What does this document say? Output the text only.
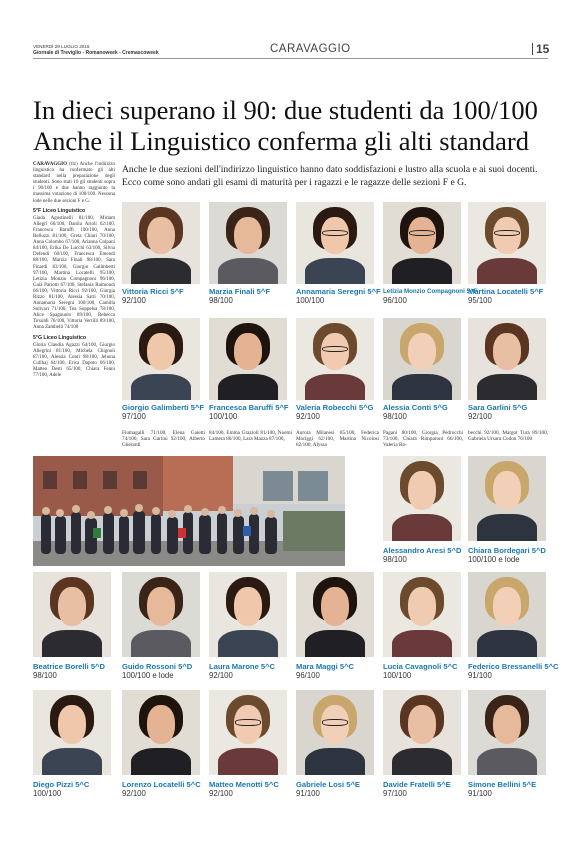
VENERDÌ 29 LUGLIO 2016
Giornale di Treviglio - Romanoweek - Cremascoweek	CARAVAGGIO	15
In dieci superano il 90: due studenti da 100/100
Anche il Linguistico conferma gli alti standard

CARAVAGGIO (tlz) Anche l'indirizzo linguistico ha confermato gli alti standard nella preparazione degli studenti. Sono stati 10 gli studenti sopra i 90/100 e due hanno raggiunto la massima votazione di 100/100. Nessuna lode nelle due sezioni F e G.

5°F Liceo Linguistico

Giada Agostinelli 81/100, Miriam Allegri 66/100, Danila Arioli 62/100, Francesca Baruffi 100/100, Anna Belluzzi 81/100, Greta Chiari 70/100, Anna Colombo 67/100, Arianna Colpani 84/100, Erika De Lucchi 63/100, Silvia Defendi 60/100, Francesca Emendi 88/100, Marzia Finali 98/100, Sara Finardi 83/100, Giorgio Galimberti 97/100, Martina Locatelli 95/100, Letizia Monzio Compagnoni 96/100, Gaia Pariotti 67/100, Stefania Raimondi 66/100, Vittoria Ricci 92/100, Giorgia Rizzo 81/100, Alessia Sarti 70/100, Annamaria Seregni 100/100, Camilla Solivari 71/100, Tea Soppelsa 78/100, Alice Spagnuolo 89/100, Rebecca Tirsoldi 76/100, Vittoria Verrilli 89/100, Anna Zambelli 74/100

5°G Liceo Linguistico

Gloria Claudia Agazzi 64/100, Giorgio Allegrini 81/100, Michela Chignoli 87/100, Alessia Conti 98/100, Jehona Cullhaj 64/100, Erica Dapoto 66/100, Matteo Desti 65/100, Chiara Fenni 77/100, Adele

Anche le due sezioni dell'indirizzo linguistico hanno dato soddisfazioni e lustro alla scuola e ai suoi docenti. Ecco come sono andati gli esami di maturità per i ragazzi e le ragazze delle sezioni F e G.
Fiumagalli 71/100, Elena Gaietti 74/100, Sara Garlini 92/100, Alberto Gherardi
84/100, Emma Grazioli 81/100, Noemi Lamera 80/100, Lara Mazza 87/100,
Aurora Milanesi 85/100, Federica Moriggi 62/100, Martina Nicolosi 82/100, Alyssa
Pagani 80/100, Giorgia Pedrocchi 73/100, Chiara Rimparoni 66/100, Valeria Ro-
becchi 92/100, Margot Tura 89/100, Gabriela Ursaru Codon 76/100
Vittoria Ricci 5^F
92/100
Marzia Finali 5^F
98/100
Annamaria Seregni 5^F
100/100
Letizia Monzio Compagnoni 5^F
96/100
Martina Locatelli 5^F
95/100
Giorgio Galimberti 5^F
97/100
Francesca Baruffi 5^F
100/100
Valeria Robecchi 5^G
92/100
Alessia Conti 5^G
98/100
Sara Garlini 5^G
92/100
Alessandro Aresi 5^D
98/100
Chiara Bordegari 5^D
100/100 e lode
Beatrice Borelli 5^D
98/100
Guido Rossoni 5^D
100/100 e lode
Laura Marone 5^C
92/100
Mara Maggi 5^C
96/100
Lucia Cavagnoli 5^C
100/100
Federico Bressanelli 5^C
91/100
Diego Pizzi 5^C
100/100
Lorenzo Locatelli 5^C
92/100
Matteo Menotti 5^C
92/100
Gabriele Losi 5^E
91/100
Davide Fratelli 5^E
97/100
Simone Bellini 5^E
91/100
